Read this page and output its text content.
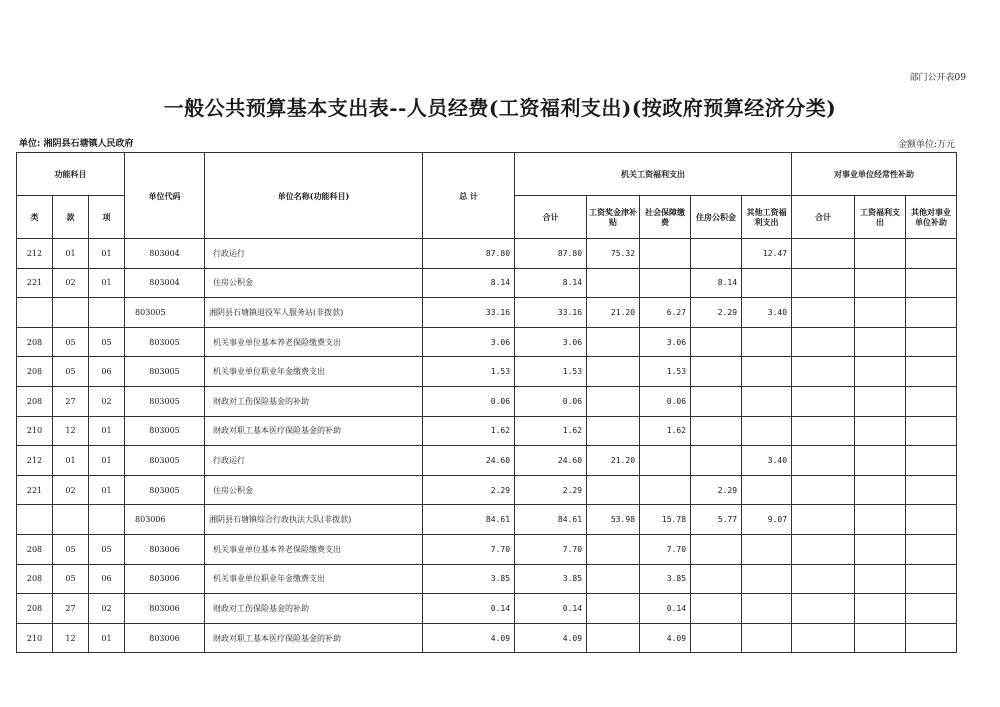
部门公开表09
一般公共预算基本支出表--人员经费(工资福利支出)(按政府预算经济分类)
单位: 湘阴县石塘镇人民政府	金额单位:万元
功能科目			单位代码	单位名称(功能科目)	总 计	机关工资福利支出					对事业单位经常性补助		
类	款	项				合计	工资奖金津补贴	社会保障缴费	住房公积金	其他工资福利支出	合计	工资福利支出	其他对事业单位补助
212	01	01	803004	行政运行	87.80	87.80	75.32			12.47			
221	02	01	803004	住房公积金	8.14	8.14			8.14				
			803005	湘阴县石塘镇退役军人服务站(非拨款)	33.16	33.16	21.20	6.27	2.29	3.40			
208	05	05	803005	机关事业单位基本养老保险缴费支出	3.06	3.06		3.06					
208	05	06	803005	机关事业单位职业年金缴费支出	1.53	1.53		1.53					
208	27	02	803005	财政对工伤保险基金的补助	0.06	0.06		0.06					
210	12	01	803005	财政对职工基本医疗保险基金的补助	1.62	1.62		1.62					
212	01	01	803005	行政运行	24.60	24.60	21.20			3.40			
221	02	01	803005	住房公积金	2.29	2.29			2.29				
			803006	湘阴县石塘镇综合行政执法大队(非拨款)	84.61	84.61	53.98	15.78	5.77	9.07			
208	05	05	803006	机关事业单位基本养老保险缴费支出	7.70	7.70		7.70					
208	05	06	803006	机关事业单位职业年金缴费支出	3.85	3.85		3.85					
208	27	02	803006	财政对工伤保险基金的补助	0.14	0.14		0.14					
210	12	01	803006	财政对职工基本医疗保险基金的补助	4.09	4.09		4.09					
